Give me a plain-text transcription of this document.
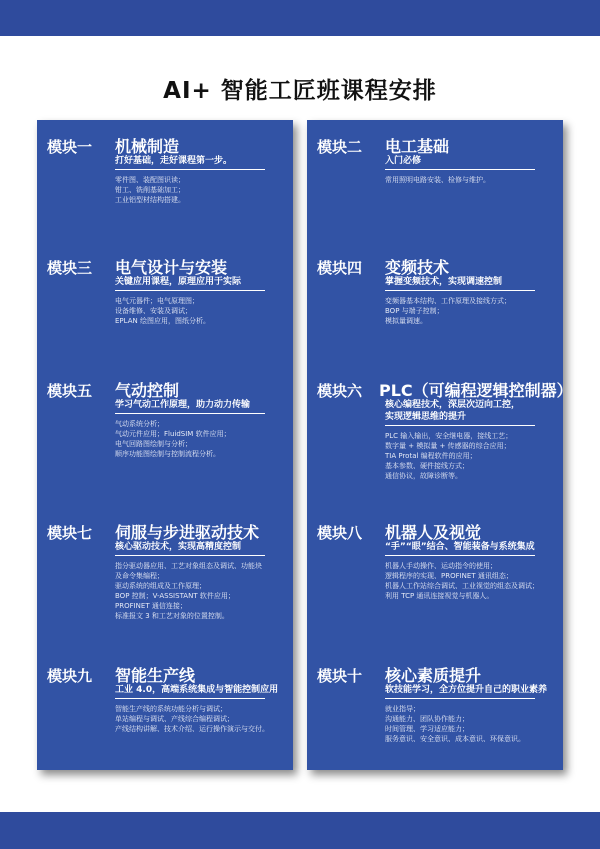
AI+ 智能工匠班课程安排
模块一 机械制造
打好基础，走好课程第一步。
零件图、装配图识读；
钳工、铣削基础加工；
工业铝型材结构搭建。
模块三 电气设计与安装
关键应用课程，原理应用于实际
电气元器件；电气原理图；
设备维修、安装及调试；
EPLAN 绘图应用，图纸分析。
模块五 气动控制
学习气动工作原理，助力动力传输
气动系统分析；
气动元件应用；FluidSIM 软件应用；
电气回路图绘制与分析；
顺序功能图绘制与控制流程分析。
模块七 伺服与步进驱动技术
核心驱动技术，实现高精度控制
指分驱动器应用、工艺对象组态及调试、功能块
及命令集编程；
驱动系统的组成及工作原理；
BOP 控制；V-ASSISTANT 软件应用；
PROFINET 通信连接；
标准报文 3 和工艺对象的位置控制。
模块九 智能生产线
工业 4.0，高端系统集成与智能控制应用
智能生产线的系统功能分析与调试；
单站编程与调试、产线综合编程调试；
产线结构讲解、技术介绍、运行操作演示与交付。
模块二 电工基础
入门必修
常用照明电路安装、检修与维护。
模块四 变频技术
掌握变频技术，实现调速控制
变频器基本结构、工作原理及接线方式；
BOP 与端子控制；
模拟量调速。
模块六 PLC（可编程逻辑控制器）
核心编程技术，深层次迈向工控，
实现逻辑思维的提升
PLC 输入输出，安全继电器，接线工艺；
数字量 + 模拟量 + 传感器的综合应用；
TIA Protal 编程软件的应用；
基本参数、硬件接线方式；
通信协议，故障诊断等。
模块八 机器人及视觉
“手”“眼”结合、智能装备与系统集成
机器人手动操作、运动指令的使用；
逻辑程序的实现、PROFINET 通讯组态；
机器人工作站综合调试、工业视觉的组态及调试；
利用 TCP 通讯连接视觉与机器人。
模块十 核心素质提升
软技能学习，全方位提升自己的职业素养
就业指导；
沟通能力、团队协作能力；
时间管理、学习适应能力；
服务意识、安全意识、成本意识、环保意识。
